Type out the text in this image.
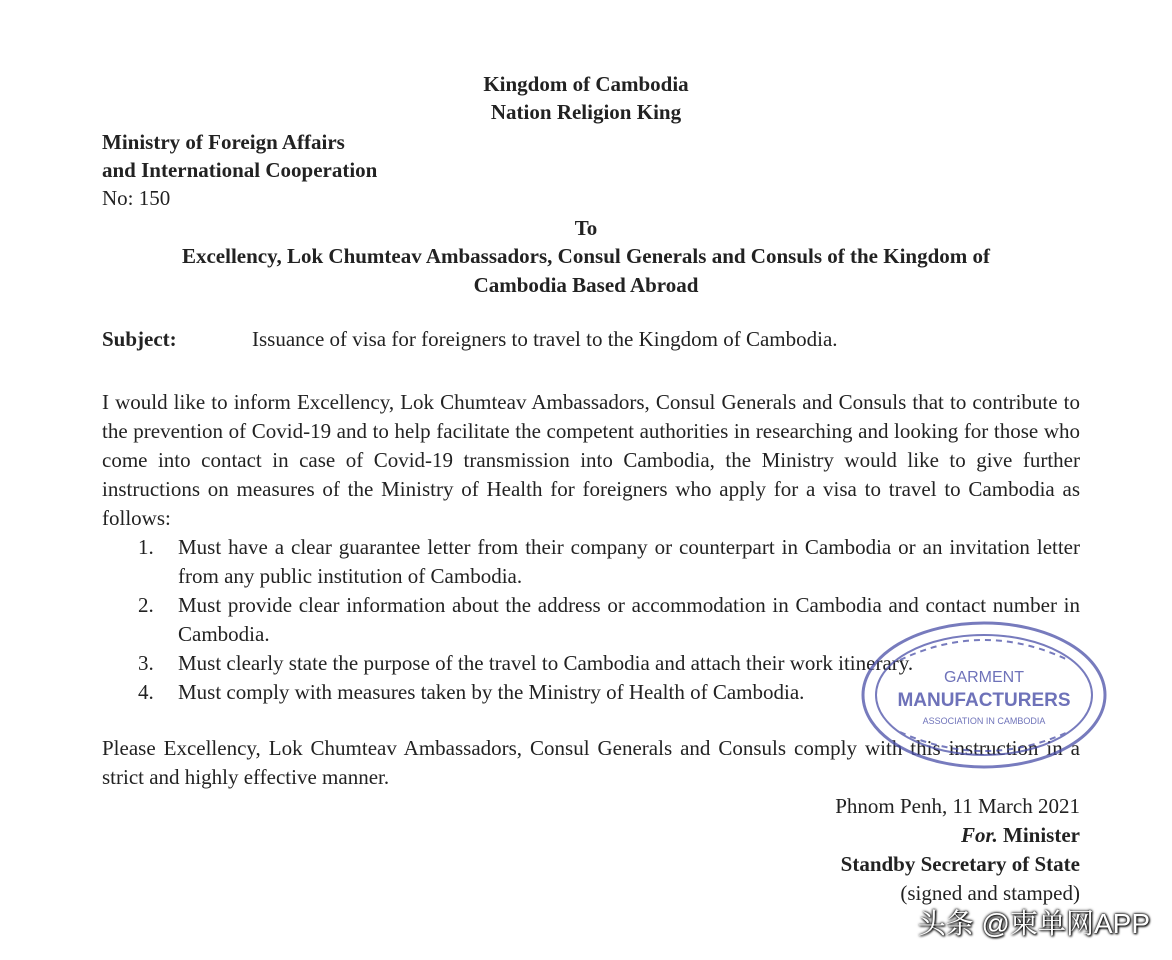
Kingdom of Cambodia
Nation Religion King
Ministry of Foreign Affairs
and International Cooperation
No: 150
To
Excellency, Lok Chumteav Ambassadors, Consul Generals and Consuls of the Kingdom of
Cambodia Based Abroad
Subject:	Issuance of visa for foreigners to travel to the Kingdom of Cambodia.
I would like to inform Excellency, Lok Chumteav Ambassadors, Consul Generals and Consuls that to contribute to the prevention of Covid-19 and to help facilitate the competent authorities in researching and looking for those who come into contact in case of Covid-19 transmission into Cambodia, the Ministry would like to give further instructions on measures of the Ministry of Health for foreigners who apply for a visa to travel to Cambodia as follows:
1. Must have a clear guarantee letter from their company or counterpart in Cambodia or an invitation letter from any public institution of Cambodia.
2. Must provide clear information about the address or accommodation in Cambodia and contact number in Cambodia.
3. Must clearly state the purpose of the travel to Cambodia and attach their work itinerary.
4. Must comply with measures taken by the Ministry of Health of Cambodia.
Please Excellency, Lok Chumteav Ambassadors, Consul Generals and Consuls comply with this instruction in a strict and highly effective manner.
Phnom Penh, 11 March 2021
For. Minister
Standby Secretary of State
(signed and stamped)
GARMENT
MANUFACTURERS
ASSOCIATION IN CAMBODIA
头条 @柬单网APP
